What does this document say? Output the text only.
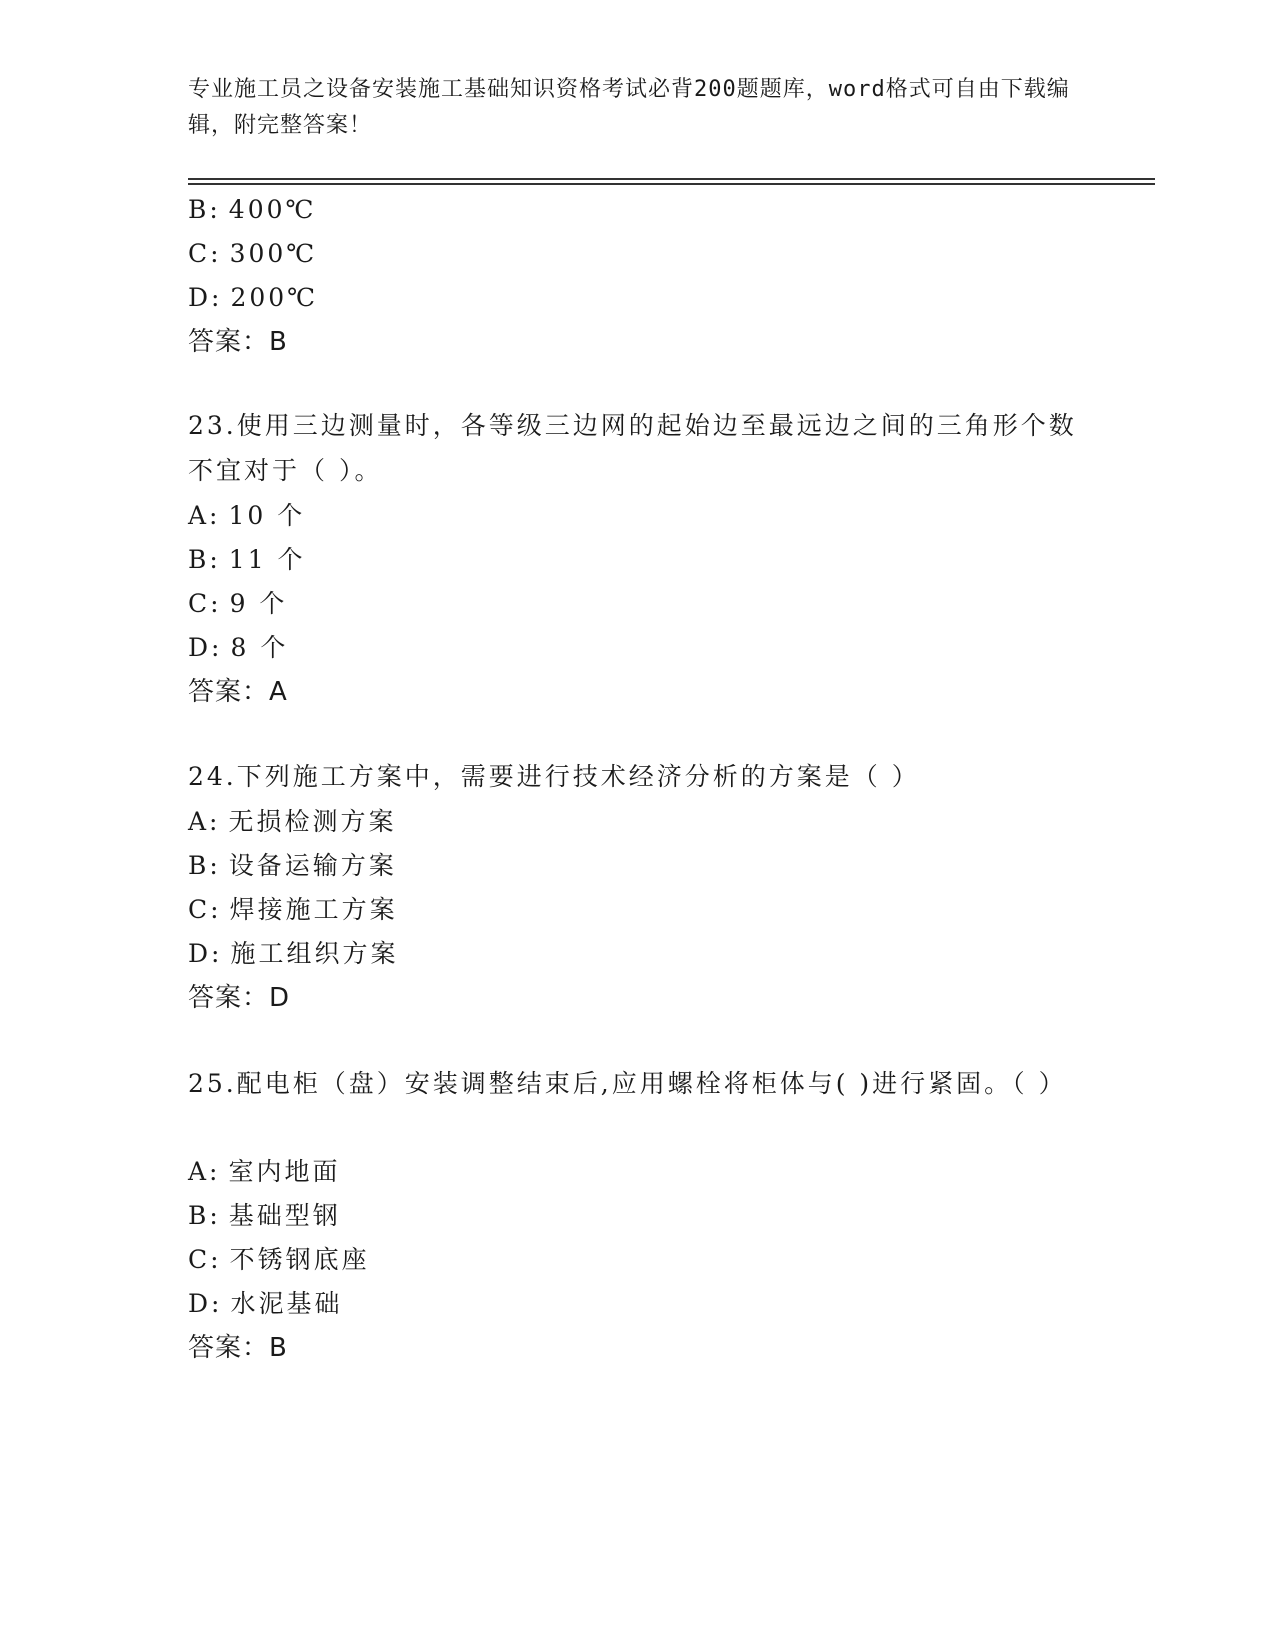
专业施工员之设备安装施工基础知识资格考试必背200题题库，word格式可自由下载编辑，附完整答案！
B: 400℃
C: 300℃
D: 200℃
答案：B
23.使用三边测量时，各等级三边网的起始边至最远边之间的三角形个数不宜对于（ ）。
A: 10 个
B: 11 个
C: 9 个
D: 8 个
答案：A
24.下列施工方案中，需要进行技术经济分析的方案是（ ）
A: 无损检测方案
B: 设备运输方案
C: 焊接施工方案
D: 施工组织方案
答案：D
25.配电柜（盘）安装调整结束后,应用螺栓将柜体与( )进行紧固。（ ）
A: 室内地面
B: 基础型钢
C: 不锈钢底座
D: 水泥基础
答案：B
